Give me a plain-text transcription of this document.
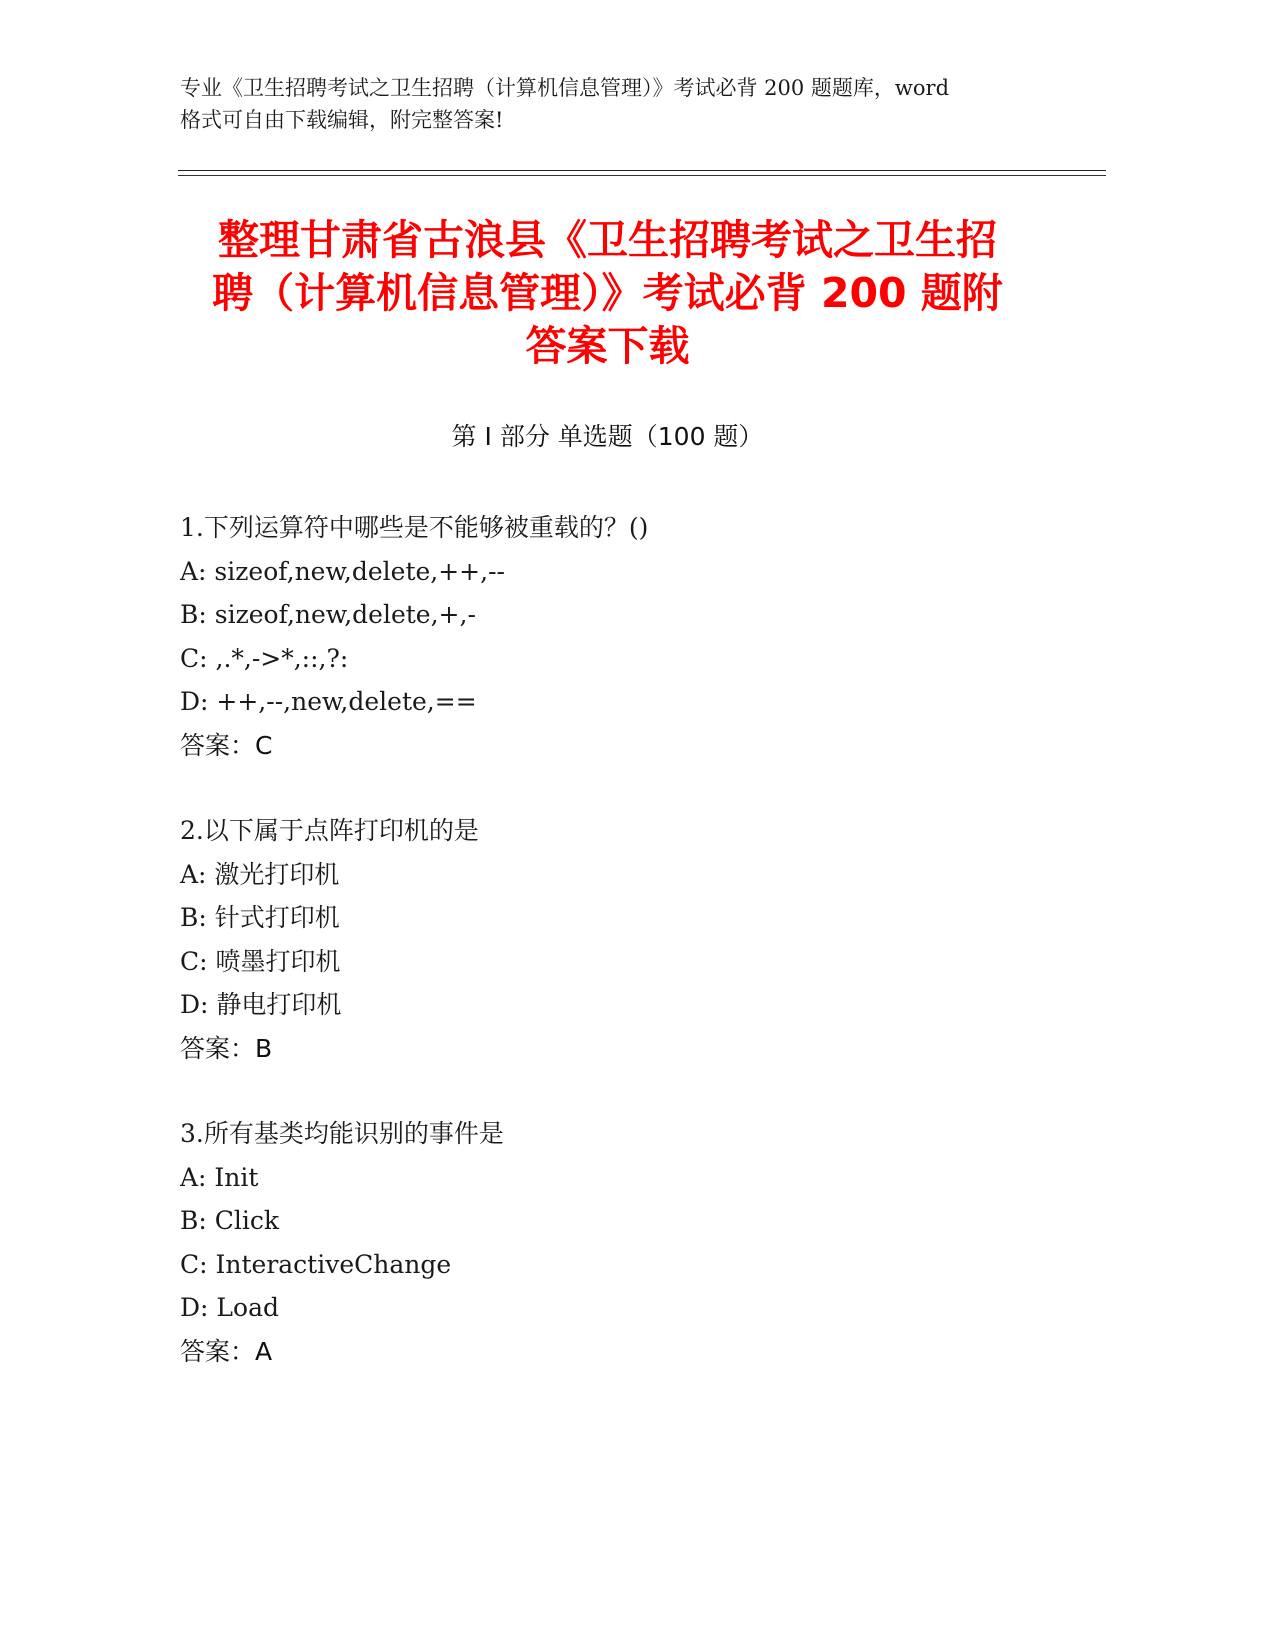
专业《卫生招聘考试之卫生招聘（计算机信息管理）》考试必背 200 题题库，word
格式可自由下载编辑，附完整答案!
整理甘肃省古浪县《卫生招聘考试之卫生招
聘（计算机信息管理）》考试必背 200 题附
答案下载
第 I 部分 单选题（100 题）
1.下列运算符中哪些是不能够被重载的？()
A: sizeof,new,delete,++,--
B: sizeof,new,delete,+,-
C: ,.*,->*,::,?:
D: ++,--,new,delete,==
答案：C
2.以下属于点阵打印机的是
A: 激光打印机
B: 针式打印机
C: 喷墨打印机
D: 静电打印机
答案：B
3.所有基类均能识别的事件是
A: Init
B: Click
C: InteractiveChange
D: Load
答案：A
